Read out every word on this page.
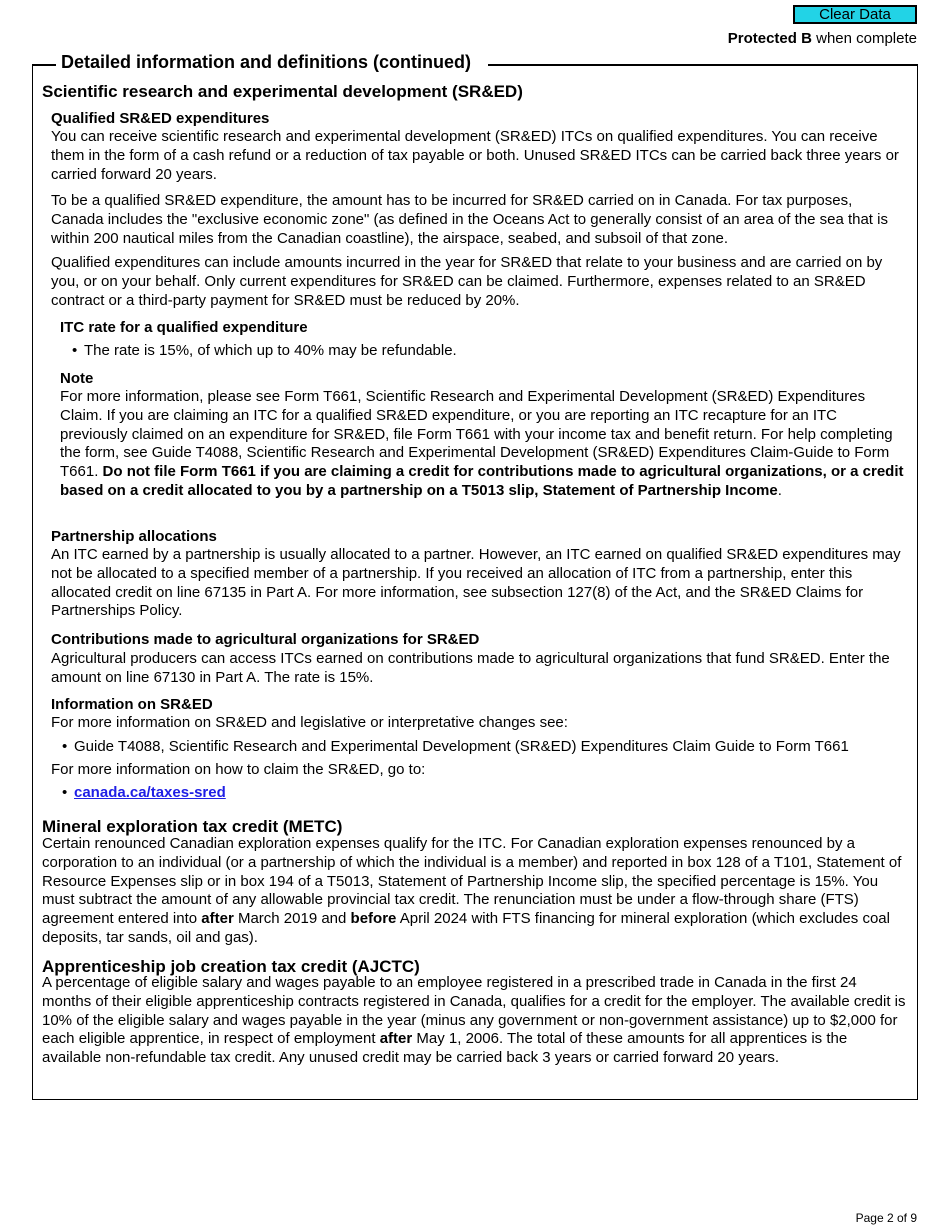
Clear Data
Protected B when complete
Detailed information and definitions (continued)
Scientific research and experimental development (SR&ED)
Qualified SR&ED expenditures

You can receive scientific research and experimental development (SR&ED) ITCs on qualified expenditures. You can receive them in the form of a cash refund or a reduction of tax payable or both. Unused SR&ED ITCs can be carried back three years or carried forward 20 years.

To be a qualified SR&ED expenditure, the amount has to be incurred for SR&ED carried on in Canada. For tax purposes, Canada includes the "exclusive economic zone" (as defined in the Oceans Act to generally consist of an area of the sea that is within 200 nautical miles from the Canadian coastline), the airspace, seabed, and subsoil of that zone.

Qualified expenditures can include amounts incurred in the year for SR&ED that relate to your business and are carried on by you, or on your behalf. Only current expenditures for SR&ED can be claimed. Furthermore, expenses related to an SR&ED contract or a third-party payment for SR&ED must be reduced by 20%.

ITC rate for a qualified expenditure
• The rate is 15%, of which up to 40% may be refundable.
Note

For more information, please see Form T661, Scientific Research and Experimental Development (SR&ED) Expenditures Claim. If you are claiming an ITC for a qualified SR&ED expenditure, or you are reporting an ITC recapture for an ITC previously claimed on an expenditure for SR&ED, file Form T661 with your income tax and benefit return. For help completing the form, see Guide T4088, Scientific Research and Experimental Development (SR&ED) Expenditures Claim-Guide to Form T661. Do not file Form T661 if you are claiming a credit for contributions made to agricultural organizations, or a credit based on a credit allocated to you by a partnership on a T5013 slip, Statement of Partnership Income.

Partnership allocations

An ITC earned by a partnership is usually allocated to a partner. However, an ITC earned on qualified SR&ED expenditures may not be allocated to a specified member of a partnership. If you received an allocation of ITC from a partnership, enter this allocated credit on line 67135 in Part A. For more information, see subsection 127(8) of the Act, and the SR&ED Claims for Partnerships Policy.

Contributions made to agricultural organizations for SR&ED

Agricultural producers can access ITCs earned on contributions made to agricultural organizations that fund SR&ED. Enter the amount on line 67130 in Part A. The rate is 15%.

Information on SR&ED

For more information on SR&ED and legislative or interpretative changes see:

• Guide T4088, Scientific Research and Experimental Development (SR&ED) Expenditures Claim Guide to Form T661

For more information on how to claim the SR&ED, go to:

• canada.ca/taxes-sred
Mineral exploration tax credit (METC)

Certain renounced Canadian exploration expenses qualify for the ITC. For Canadian exploration expenses renounced by a corporation to an individual (or a partnership of which the individual is a member) and reported in box 128 of a T101, Statement of Resource Expenses slip or in box 194 of a T5013, Statement of Partnership Income slip, the specified percentage is 15%. You must subtract the amount of any allowable provincial tax credit. The renunciation must be under a flow-through share (FTS) agreement entered into after March 2019 and before April 2024 with FTS financing for mineral exploration (which excludes coal deposits, tar sands, oil and gas).

Apprenticeship job creation tax credit (AJCTC)

A percentage of eligible salary and wages payable to an employee registered in a prescribed trade in Canada in the first 24 months of their eligible apprenticeship contracts registered in Canada, qualifies for a credit for the employer. The available credit is 10% of the eligible salary and wages payable in the year (minus any government or non-government assistance) up to $2,000 for each eligible apprentice, in respect of employment after May 1, 2006. The total of these amounts for all apprentices is the available non-refundable tax credit. Any unused credit may be carried back 3 years or carried forward 20 years.

Page 2 of 9
